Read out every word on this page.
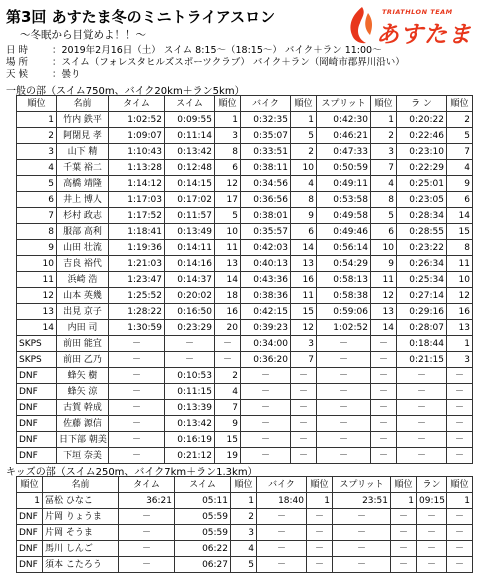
第3回 あすたま冬のミニトライアスロン
～冬眠から目覚めよ！！～
日 時	：2019年2月16日（土） スイム 8:15～（18:15～） バイク＋ラン 11:00～
場 所	：スイム（フォレスタヒルズスポーツクラブ） バイク＋ラン（岡崎市郡界川沿い）
天 候	：曇り
TRIATHLON TEAM
あすたま
一般の部（スイム750m、バイク20km＋ラン5km）
順位	名前	タイム	スイム	順位	バイク	順位	スプリット	順位	ラ ン	順位
1	竹内 鉄平	1:02:52	0:09:55	1	0:32:35	1	0:42:30	1	0:20:22	2
2	阿閉見 孝	1:09:07	0:11:14	3	0:35:07	5	0:46:21	2	0:22:46	5
3	山下 精	1:10:43	0:13:42	8	0:33:51	2	0:47:33	3	0:23:10	7
4	千葉 裕二	1:13:28	0:12:48	6	0:38:11	10	0:50:59	7	0:22:29	4
5	高橋 靖隆	1:14:12	0:14:15	12	0:34:56	4	0:49:11	4	0:25:01	9
6	井上 博人	1:17:03	0:17:02	17	0:36:56	8	0:53:58	8	0:23:05	6
7	杉村 政志	1:17:52	0:11:57	5	0:38:01	9	0:49:58	5	0:28:34	14
8	服部 高利	1:18:41	0:13:49	10	0:35:57	6	0:49:46	6	0:28:55	15
9	山田 壮流	1:19:36	0:14:11	11	0:42:03	14	0:56:14	10	0:23:22	8
10	吉良 裕代	1:21:03	0:14:16	13	0:40:13	13	0:54:29	9	0:26:34	11
11	浜崎 浩	1:23:47	0:14:37	14	0:43:36	16	0:58:13	11	0:25:34	10
12	山本 英幾	1:25:52	0:20:02	18	0:38:36	11	0:58:38	12	0:27:14	12
13	出見 京子	1:28:22	0:16:50	16	0:42:15	15	0:59:06	13	0:29:16	16
14	内田 司	1:30:59	0:23:29	20	0:39:23	12	1:02:52	14	0:28:07	13
SKPS	前田 能宜	－	－	－	0:34:00	3	－	－	0:18:44	1
SKPS	前田 乙乃	－	－	－	0:36:20	7	－	－	0:21:15	3
DNF	蜂矢 樹	－	0:10:53	2	－	－	－	－	－	－
DNF	蜂矢 涼	－	0:11:15	4	－	－	－	－	－	－
DNF	古賀 幹成	－	0:13:39	7	－	－	－	－	－	－
DNF	佐藤 源信	－	0:13:42	9	－	－	－	－	－	－
DNF	日下部 朝美	－	0:16:19	15	－	－	－	－	－	－
DNF	下垣 奈美	－	0:21:12	19	－	－	－	－	－	－
キッズの部（スイム250m、バイク7km＋ラン1.3km）
順位	名前	タイム	スイム	順位	バイク	順位	スプリット	順位	ラン	順位
1	冨松 ひなこ	36:21	05:11	1	18:40	1	23:51	1	09:15	1
DNF	片岡 りょうま	－	05:59	2	－	－	－	－	－	－
DNF	片岡 そうま	－	05:59	3	－	－	－	－	－	－
DNF	馬川 しんご	－	06:22	4	－	－	－	－	－	－
DNF	須本 こたろう	－	06:27	5	－	－	－	－	－	－
